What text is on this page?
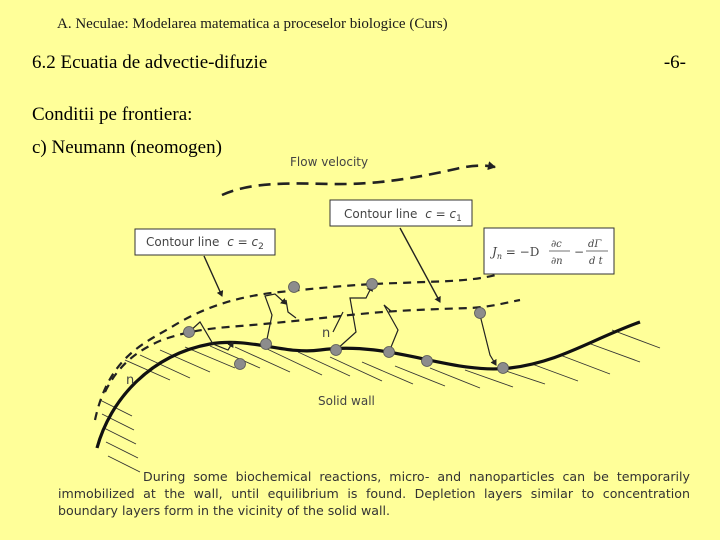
A. Neculae: Modelarea matematica a proceselor biologice (Curs)
6.2 Ecuatia de advectie-difuzie	-6-
Conditii pe frontiera:
c) Neumann (neomogen)
Flow velocity
Contour line $c = c_1$
Contour line $c = c_2$	$J_n = -D$
∂c
∂n
−
dΓ
d t
n
n
Solid wall
During some biochemical reactions, micro- and nanoparticles can be temporarily immobilized at the wall, until equilibrium is found. Depletion layers similar to concentration boundary layers form in the vicinity of the solid wall.
